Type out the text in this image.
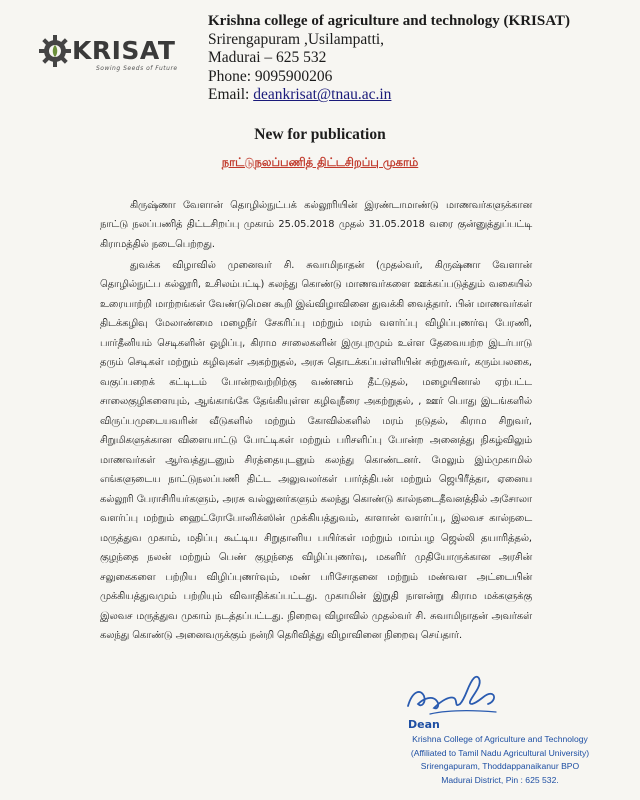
KRISAT
Sowing Seeds of Future
Krishna college of agriculture and technology (KRISAT)
Srirengapuram ,Usilampatti,
Madurai – 625 532
Phone: 9095900206
Email: deankrisat@tnau.ac.in
New for publication
நாட்டுநலப்பணித் திட்டசிறப்பு முகாம்

கிருஷ்ணா வேளான் தொழில்நுட்பக் கல்லூரியின் இரண்டாமாண்டு மாணவர்களுக்கான நாட்டு நலப்பணித் திட்டசிறப்பு முகாம் 25.05.2018 முதல் 31.05.2018 வரை குன்னுத்துப்பட்டி கிராமத்தில் நடைபெற்றது.

துவக்க விழாவில் முனைவர் சி. சுவாமிநாதன் (முதல்வர், கிருஷ்ணா வேளான் தொழில்நுட்ப கல்லூரி, உசிலம்பட்டி) கலந்து கொண்டு மாணவர்களை ஊக்கப்படுத்தும் வகையில் உரையாற்றி மாற்றங்கள் வேண்டுமென கூறி இவ்விழாவினை துவக்கி வைத்தார். பின் மாணவர்கள் திடக்கழிவு மேலாண்மை மழைநீர் சேகரிப்பு மற்றும் மரம் வளர்ப்பு விழிப்புணர்வு பேரணி, பார்தீனியம் செடிகளின் ஒழிப்பு, கிராம சாலைகளின் இருபுறமும் உள்ள தேவையற்ற இடர்பாடு தரும் செடிகள் மற்றும் கழிவுகள் அகற்றுதல், அரசு தொடக்கப்பள்ளியின் சுற்றுசுவர், கரும்பலகை, வகுப்பறைக் கட்டிடம் போன்றவற்றிற்கு வண்ணம் தீட்டுதல், மழையினால் ஏற்பட்ட சாலைகுழிகளையும், ஆங்காங்கே தேங்கியுள்ள கழிவுநீரை அகற்றுதல், , ஊர் பொது இடங்களில் விருப்பமுடையவரின் வீடுகளில் மற்றும் கோவில்களில் மரம் நடுதல், கிராம சிறுவர், சிறுமிகளுக்கான விளையாட்டு போட்டிகள் மற்றும் பரிசளிப்பு போன்ற அனைத்து நிகழ்விலும் மாணவர்கள் ஆர்வத்துடனும் சிரத்தையுடனும் கலந்து கொண்டனர். மேலும் இம்முகாமில் எங்களுடைய நாட்டுநலப்பணி திட்ட அலுவலர்கள் பார்த்திபன் மற்றும் ஜெபிரீத்தா, ஏனைய கல்லூரி பேராசிரியர்களும், அரசு வல்லுனர்களும் கலந்து கொண்டு கால்நடைதீவனத்தில் அசோலா வளர்ப்பு மற்றும் ஹைட்ரோபோனிக்ஸின் முக்கியத்துவம், காளான் வளர்ப்பு, இலவச கால்நடை மருத்துவ முகாம், மதிப்பு கூட்டிய சிறுதானிய பயிர்கள் மற்றும் மாம்பழ ஜெல்லி தயாரித்தல், குழந்தை நலன் மற்றும் பெண் குழந்தை விழிப்புணர்வு, மகளிர் முதியோருக்கான அரசின் சலுகைகளை பற்றிய விழிப்புணர்வும், மண் பரிசோதனை மற்றும் மண்வள அட்டையின் முக்கியத்துவமும் பற்றியும் விவாதிக்கப்பட்டது. முகாமின் இறுதி நாளன்று கிராம மக்களுக்கு இலவச மருத்துவ முகாம் நடத்தப்பட்டது. நிறைவு விழாவில் முதல்வர் சி. சுவாமிநாதன் அவர்கள் கலந்து கொண்டு அனைவருக்கும் நன்றி தெரிவித்து விழாவினை நிறைவு செய்தார்.

Dean
Krishna College of Agriculture and Technology
(Affiliated to Tamil Nadu Agricultural University)
Srirengapuram, Thoddappanaikanur BPO
Madurai District, Pin : 625 532.
